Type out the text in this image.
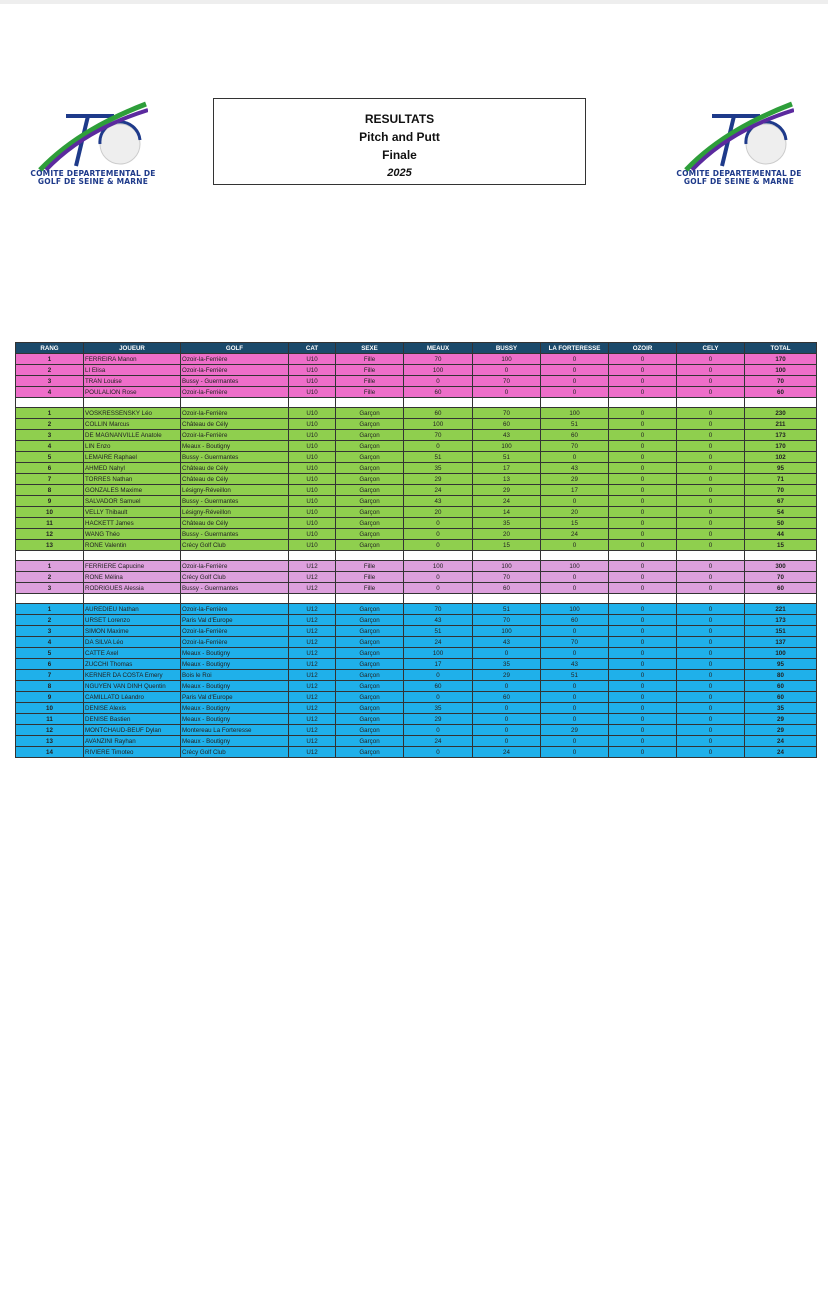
COMITE DEPARTEMENTAL DE
GOLF DE SEINE & MARNE
COMITE DEPARTEMENTAL DE
GOLF DE SEINE & MARNE
RESULTATS
Pitch and Putt
Finale
2025
RANG	JOUEUR	GOLF	CAT	SEXE	MEAUX	BUSSY	LA FORTERESSE	OZOIR	CELY	TOTAL
1	FERREIRA Manon	Ozoir-la-Ferrière	U10	Fille	70	100	0	0	0	170
2	LI Elisa	Ozoir-la-Ferrière	U10	Fille	100	0	0	0	0	100
3	TRAN Louise	Bussy - Guermantes	U10	Fille	0	70	0	0	0	70
4	POULALION Rose	Ozoir-la-Ferrière	U10	Fille	60	0	0	0	0	60

1	VOSKRESSENSKY Léo	Ozoir-la-Ferrière	U10	Garçon	60	70	100	0	0	230
2	COLLIN Marcus	Château de Cély	U10	Garçon	100	60	51	0	0	211
3	DE MAGNANVILLE Anatole	Ozoir-la-Ferrière	U10	Garçon	70	43	60	0	0	173
4	LIN Enzo	Meaux - Boutigny	U10	Garçon	0	100	70	0	0	170
5	LEMAIRE Raphael	Bussy - Guermantes	U10	Garçon	51	51	0	0	0	102
6	AHMED Nahyl	Château de Cély	U10	Garçon	35	17	43	0	0	95
7	TORRES Nathan	Château de Cély	U10	Garçon	29	13	29	0	0	71
8	GONZALES Maxime	Lésigny-Réveillon	U10	Garçon	24	29	17	0	0	70
9	SALVADOR Samuel	Bussy - Guermantes	U10	Garçon	43	24	0	0	0	67
10	VELLY Thibault	Lésigny-Réveillon	U10	Garçon	20	14	20	0	0	54
11	HACKETT James	Château de Cély	U10	Garçon	0	35	15	0	0	50
12	WANG Théo	Bussy - Guermantes	U10	Garçon	0	20	24	0	0	44
13	RONE Valentin	Crécy Golf Club	U10	Garçon	0	15	0	0	0	15

1	FERRIERE Capucine	Ozoir-la-Ferrière	U12	Fille	100	100	100	0	0	300
2	RONE Mélina	Crécy Golf Club	U12	Fille	0	70	0	0	0	70
3	RODRIGUES Alessia	Bussy - Guermantes	U12	Fille	0	60	0	0	0	60

1	AUREDIEU Nathan	Ozoir-la-Ferrière	U12	Garçon	70	51	100	0	0	221
2	URSET Lorenzo	Paris Val d'Europe	U12	Garçon	43	70	60	0	0	173
3	SIMON Maxime	Ozoir-la-Ferrière	U12	Garçon	51	100	0	0	0	151
4	DA SILVA Léo	Ozoir-la-Ferrière	U12	Garçon	24	43	70	0	0	137
5	CATTE Axel	Meaux - Boutigny	U12	Garçon	100	0	0	0	0	100
6	ZUCCHI Thomas	Meaux - Boutigny	U12	Garçon	17	35	43	0	0	95
7	KERNER DA COSTA Emery	Bois le Roi	U12	Garçon	0	29	51	0	0	80
8	NGUYEN VAN DINH Quentin	Meaux - Boutigny	U12	Garçon	60	0	0	0	0	60
9	CAMILLATO Léandro	Paris Val d'Europe	U12	Garçon	0	60	0	0	0	60
10	DENISE Alexis	Meaux - Boutigny	U12	Garçon	35	0	0	0	0	35
11	DENISE Bastien	Meaux - Boutigny	U12	Garçon	29	0	0	0	0	29
12	MONTCHAUD-BEUF Dylan	Montereau La Forteresse	U12	Garçon	0	0	29	0	0	29
13	AVANZINI Rayhan	Meaux - Boutigny	U12	Garçon	24	0	0	0	0	24
14	RIVIERE Timoteo	Crécy Golf Club	U12	Garçon	0	24	0	0	0	24
